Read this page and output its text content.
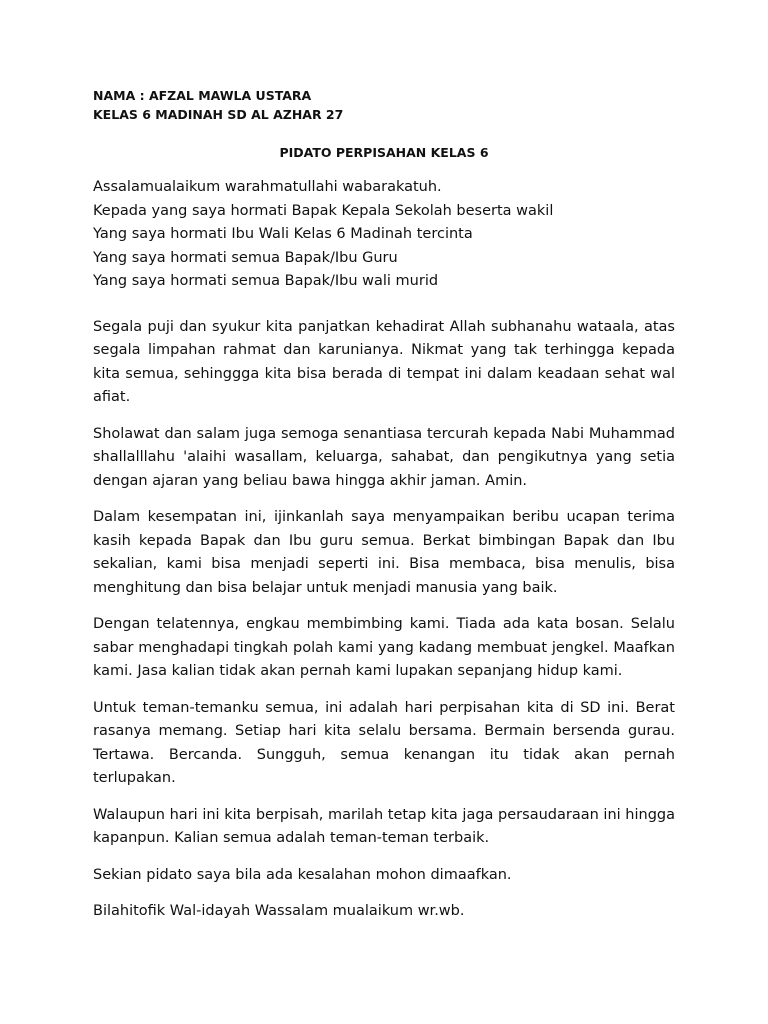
NAMA : AFZAL MAWLA USTARA

KELAS 6 MADINAH SD AL AZHAR 27

PIDATO PERPISAHAN KELAS 6

Assalamualaikum warahmatullahi wabarakatuh.

Kepada yang saya hormati Bapak Kepala Sekolah beserta wakil

Yang saya hormati Ibu Wali Kelas 6 Madinah tercinta

Yang saya hormati semua Bapak/Ibu Guru

Yang saya hormati semua Bapak/Ibu wali murid

Segala puji dan syukur kita panjatkan kehadirat Allah subhanahu wataala, atas segala limpahan rahmat dan karunianya. Nikmat yang tak terhingga kepada kita semua, sehinggga kita bisa berada di tempat ini dalam keadaan sehat wal afiat.

Sholawat dan salam juga semoga senantiasa tercurah kepada Nabi Muhammad shallalllahu 'alaihi wasallam, keluarga, sahabat, dan pengikutnya yang setia dengan ajaran yang beliau bawa hingga akhir jaman. Amin.

Dalam kesempatan ini, ijinkanlah saya menyampaikan beribu ucapan terima kasih kepada Bapak dan Ibu guru semua. Berkat bimbingan Bapak dan Ibu sekalian, kami bisa menjadi seperti ini. Bisa membaca, bisa menulis, bisa menghitung dan bisa belajar untuk menjadi manusia yang baik.

Dengan telatennya, engkau membimbing kami. Tiada ada kata bosan. Selalu sabar menghadapi tingkah polah kami yang kadang membuat jengkel. Maafkan kami. Jasa kalian tidak akan pernah kami lupakan sepanjang hidup kami.

Untuk teman-temanku semua, ini adalah hari perpisahan kita di SD ini. Berat rasanya memang. Setiap hari kita selalu bersama. Bermain bersenda gurau. Tertawa. Bercanda. Sungguh, semua kenangan itu tidak akan pernah terlupakan.

Walaupun hari ini kita berpisah, marilah tetap kita jaga persaudaraan ini hingga kapanpun. Kalian semua adalah teman-teman terbaik.

Sekian pidato saya bila ada kesalahan mohon dimaafkan.

Bilahitofik Wal-idayah Wassalam mualaikum wr.wb.
